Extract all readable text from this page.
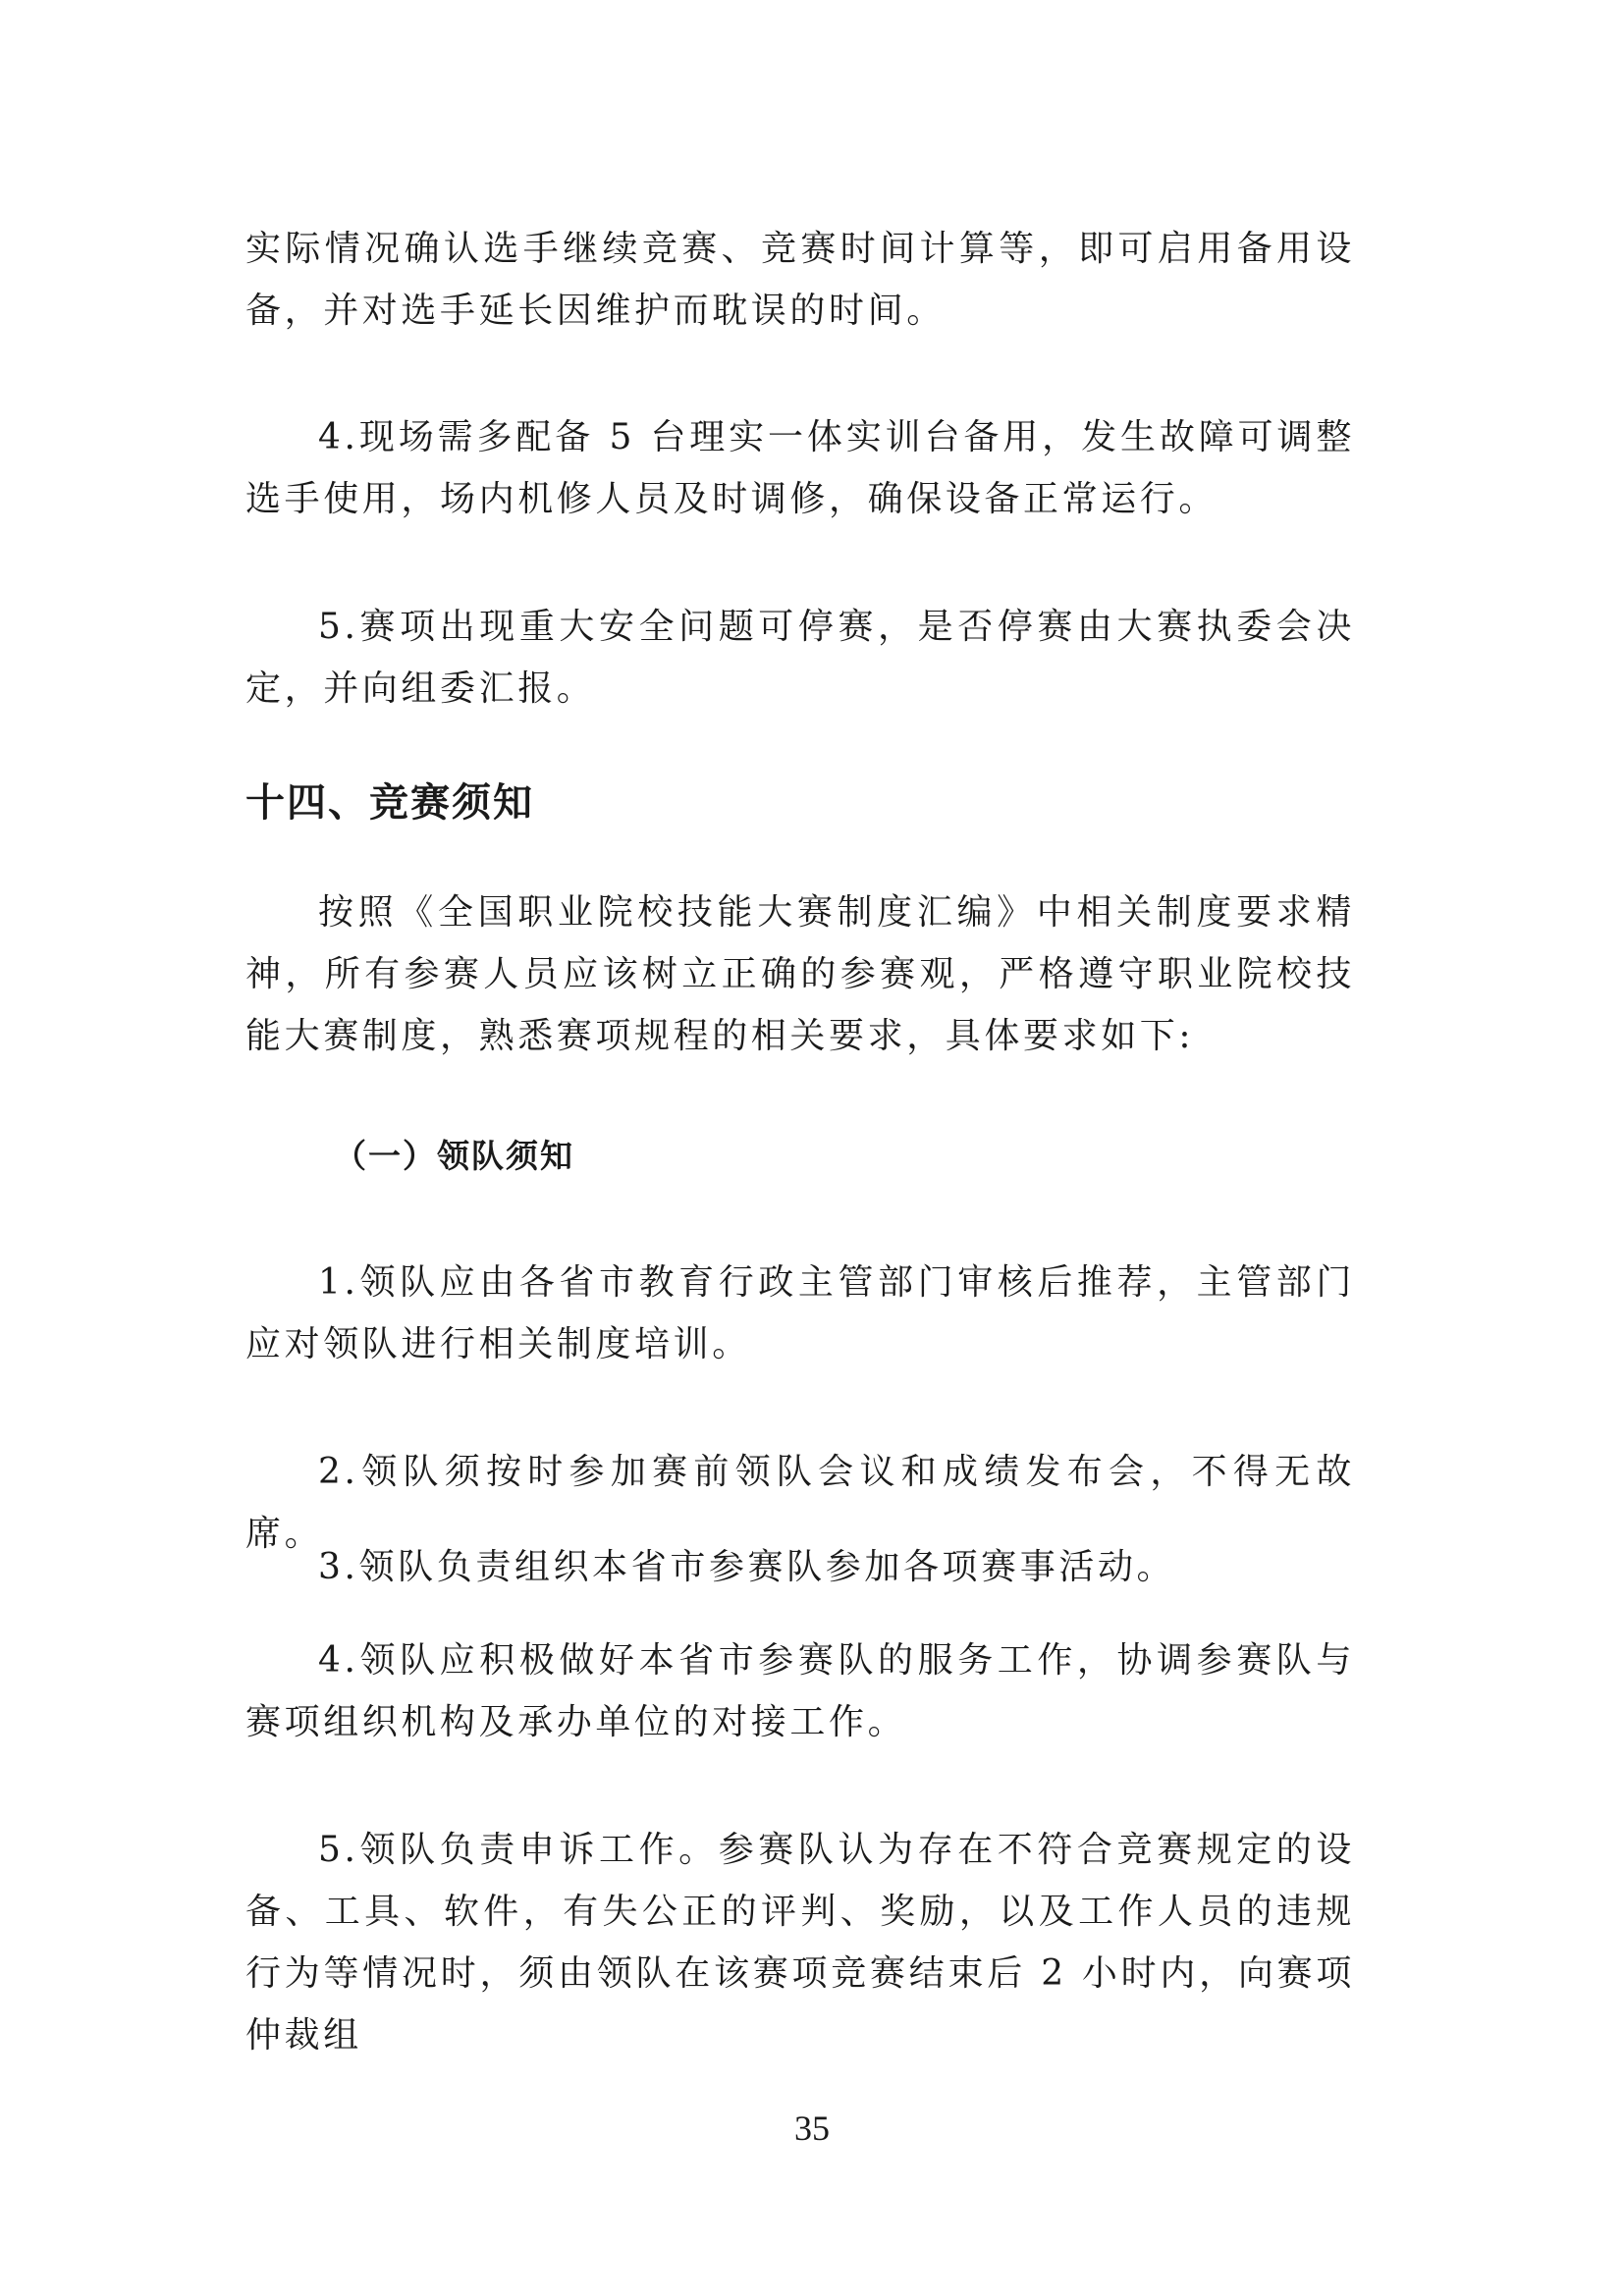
实际情况确认选手继续竞赛、竞赛时间计算等，即可启用备用设备，并对选手延长因维护而耽误的时间。

4.现场需多配备 5 台理实一体实训台备用，发生故障可调整选手使用，场内机修人员及时调修，确保设备正常运行。

5.赛项出现重大安全问题可停赛，是否停赛由大赛执委会决定，并向组委汇报。

十四、竞赛须知

按照《全国职业院校技能大赛制度汇编》中相关制度要求精神，所有参赛人员应该树立正确的参赛观，严格遵守职业院校技能大赛制度，熟悉赛项规程的相关要求，具体要求如下:

（一）领队须知

1.领队应由各省市教育行政主管部门审核后推荐，主管部门应对领队进行相关制度培训。

2.领队须按时参加赛前领队会议和成绩发布会，不得无故席。

3.领队负责组织本省市参赛队参加各项赛事活动。

4.领队应积极做好本省市参赛队的服务工作，协调参赛队与赛项组织机构及承办单位的对接工作。

5.领队负责申诉工作。参赛队认为存在不符合竞赛规定的设备、工具、软件，有失公正的评判、奖励，以及工作人员的违规行为等情况时，须由领队在该赛项竞赛结束后 2 小时内，向赛项仲裁组

35
